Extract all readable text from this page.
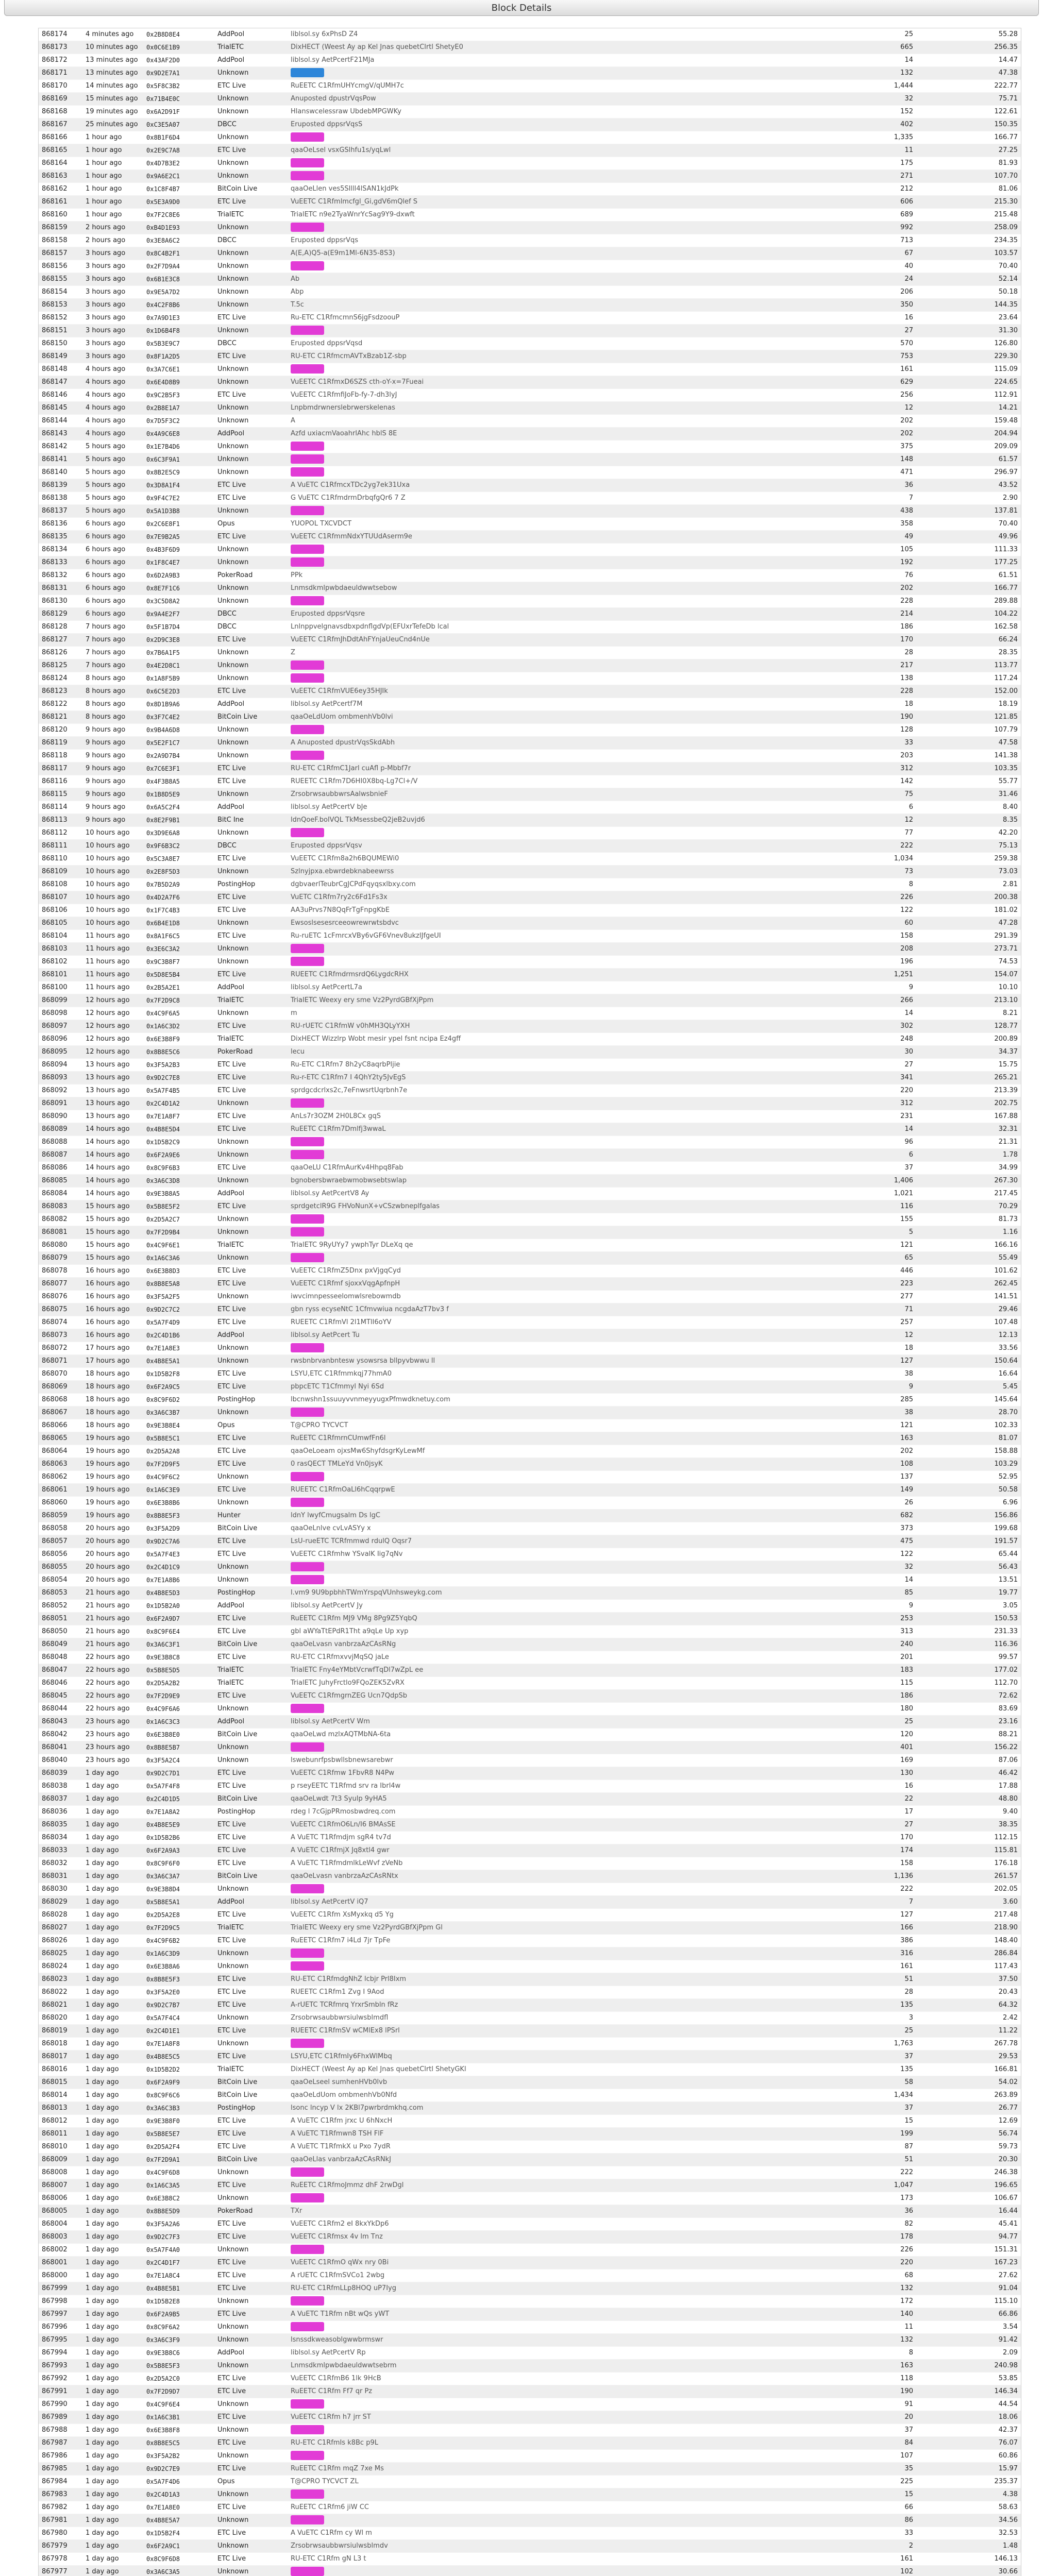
Block Details
868174	4 minutes ago	0x2B8D8E4	AddPool	liblsol.sy 6xPhsD Z4	25	55.28
868173	10 minutes ago	0x0C6E1B9	TrialETC	DixHECT (Weest Ay ap Kel Jnas quebetClrtl ShetyE0	665	256.35
868172	13 minutes ago	0x43AF2D0	AddPool	liblsol.sy AetPcertF21MJa	14	14.47
868171	13 minutes ago	0x9D2E7A1	Unknown		132	47.38
868170	14 minutes ago	0x5F8C3B2	ETC Live	RuEETC C1RfmUHYcmgV/qUMH7c	1,444	222.77
868169	15 minutes ago	0x71B4E0C	Unknown	Anuposted dpustrVqsPow	32	75.71
868168	19 minutes ago	0x6A2D91F	Unknown	Hlanswcelessraw UbdebMPGWKy	152	122.61
868167	25 minutes ago	0xC3E5A07	DBCC	Eruposted dppsrVqsS	402	150.35
868166	1 hour ago	0x8B1F6D4	Unknown		1,335	166.77
868165	1 hour ago	0x2E9C7A8	ETC Live	qaaOeLsel vsxGSlhfu1s/yqLwl	11	27.25
868164	1 hour ago	0x4D7B3E2	Unknown		175	81.93
868163	1 hour ago	0x9A6E2C1	Unknown		271	107.70
868162	1 hour ago	0x1C8F4B7	BitCoin Live	qaaOeLlen ves5SIlll4lSAN1kJdPk	212	81.06
868161	1 hour ago	0x5E3A9D0	ETC Live	VuEETC C1Rfmlmcfgl_Gi,gdV6mQlef S	606	215.30
868160	1 hour ago	0x7F2C8E6	TrialETC	TrialETC n9e2TyaWnrYcSag9Y9-dxwft	689	215.48
868159	2 hours ago	0xB4D1E93	Unknown		992	258.09
868158	2 hours ago	0x3E8A6C2	DBCC	Eruposted dppsrVqs	713	234.35
868157	3 hours ago	0x8C4B2F1	Unknown	A(E,A)Q5-a(E9m1Ml-6N35-8S3)	67	103.57
868156	3 hours ago	0x2F7D9A4	Unknown		40	70.40
868155	3 hours ago	0x6B1E3C8	Unknown	Ab	24	52.14
868154	3 hours ago	0x9E5A7D2	Unknown	Abp	206	50.18
868153	3 hours ago	0x4C2F8B6	Unknown	T.5c	350	144.35
868152	3 hours ago	0x7A9D1E3	ETC Live	Ru-ETC C1RfmcmnS6jgFsdzoouP	16	23.64
868151	3 hours ago	0x1D6B4F8	Unknown		27	31.30
868150	3 hours ago	0x5B3E9C7	DBCC	Eruposted dppsrVqsd	570	126.80
868149	3 hours ago	0x8F1A2D5	ETC Live	RU-ETC C1RfmcmAVTxBzab1Z-sbp	753	229.30
868148	4 hours ago	0x3A7C6E1	Unknown		161	115.09
868147	4 hours ago	0x6E4D8B9	Unknown	VuEETC C1RfmxD6SZS cth-oY-x=7Fueai	629	224.65
868146	4 hours ago	0x9C2B5F3	ETC Live	VuEETC C1RfmfiJoFb-fy-7-dh3lyJ	256	112.91
868145	4 hours ago	0x2B8E1A7	Unknown	Lnpbmdrwnerslebrwerskelenas	12	14.21
868144	4 hours ago	0x7D5F3C2	Unknown	A	202	159.48
868143	4 hours ago	0x4A9C6E8	AddPool	Azfd uxiacmVaoahrlAhc hblS 8E	202	204.94
868142	5 hours ago	0x1E7B4D6	Unknown		375	209.09
868141	5 hours ago	0x6C3F9A1	Unknown		148	61.57
868140	5 hours ago	0x8B2E5C9	Unknown		471	296.97
868139	5 hours ago	0x3D8A1F4	ETC Live	A VuETC C1RfmcxTDc2yg7ek31Uxa	36	43.52
868138	5 hours ago	0x9F4C7E2	ETC Live	G VuETC C1RfmdrmDrbqfgQr6 7 Z	7	2.90
868137	5 hours ago	0x5A1D3B8	Unknown		438	137.81
868136	6 hours ago	0x2C6E8F1	Opus	YUOPOL TXCVDCT	358	70.40
868135	6 hours ago	0x7E9B2A5	ETC Live	VuEETC C1RfmmNdxYTUUdAserm9e	49	49.96
868134	6 hours ago	0x4B3F6D9	Unknown		105	111.33
868133	6 hours ago	0x1F8C4E7	Unknown		192	177.25
868132	6 hours ago	0x6D2A9B3	PokerRoad	PPk	76	61.51
868131	6 hours ago	0x8E7F1C6	Unknown	Lnmsdkmlpwbdaeuldwwtsebow	202	166.77
868130	6 hours ago	0x3C5D8A2	Unknown		228	289.88
868129	6 hours ago	0x9A4E2F7	DBCC	Eruposted dppsrVqsre	214	104.22
868128	7 hours ago	0x5F1B7D4	DBCC	LnlnppvelgnavsdbxpdnflgdVp(EFUxrTefeDb lcal	186	162.58
868127	7 hours ago	0x2D9C3E8	ETC Live	VuEETC C1RfmJhDdtAhFYnjaUeuCnd4nUe	170	66.24
868126	7 hours ago	0x7B6A1F5	Unknown	Z	28	28.35
868125	7 hours ago	0x4E2D8C1	Unknown		217	113.77
868124	8 hours ago	0x1A8F5B9	Unknown		138	117.24
868123	8 hours ago	0x6C5E2D3	ETC Live	VuEETC C1RfmVUE6ey35HJIk	228	152.00
868122	8 hours ago	0x8D1B9A6	AddPool	liblsol.sy AetPcertf7M	18	18.19
868121	8 hours ago	0x3F7C4E2	BitCoin Live	qaaOeLdUom ombmenhVb0lvi	190	121.85
868120	9 hours ago	0x9B4A6D8	Unknown		128	107.79
868119	9 hours ago	0x5E2F1C7	Unknown	A Anuposted dpustrVqsSkdAbh	33	47.58
868118	9 hours ago	0x2A9D7B4	Unknown		203	141.38
868117	9 hours ago	0x7C6E3F1	ETC Live	RU-ETC C1RfmC1Jarl cuAfl p-Mbbf7r	312	103.35
868116	9 hours ago	0x4F3B8A5	ETC Live	RUEETC C1Rfm7D6HI0X8bq-Lg7Cl+/V	142	55.77
868115	9 hours ago	0x1B8D5E9	Unknown	ZrsobrwsaubbwrsAalwsbnieF	75	31.46
868114	9 hours ago	0x6A5C2F4	AddPool	liblsol.sy AetPcertV bJe	6	8.40
868113	9 hours ago	0x8E2F9B1	BitC Ine	ldnQoeF.bolVQL TkMsessbeQ2jeB2uvjd6	12	8.35
868112	10 hours ago	0x3D9E6A8	Unknown		77	42.20
868111	10 hours ago	0x9F6B3C2	DBCC	Eruposted dppsrVqsv	222	75.13
868110	10 hours ago	0x5C3A8E7	ETC Live	VuEETC C1Rfm8a2h6BQUMEWi0	1,034	259.38
868109	10 hours ago	0x2E8F5D3	Unknown	Szlnyjpxa.ebwrdebknabeewrss	73	73.03
868108	10 hours ago	0x7B5D2A9	PostingHop	dgbvaerlTeubrCgJCPdFqyqsxlbxy.com	8	2.81
868107	10 hours ago	0x4D2A7F6	ETC Live	VuETC C1Rfm7ry2c6Fd1Fs3x	226	200.38
868106	10 hours ago	0x1F7C4B3	ETC Live	AA3uPrvs7N8QqFrTgFnpgKbE	122	181.02
868105	10 hours ago	0x6B4E1D8	Unknown	Ewsoslsesesrceeowrewrwtsbdvc	60	47.28
868104	11 hours ago	0x8A1F6C5	ETC Live	Ru-ruETC 1cFmrcxVBy6vGF6Vnev8ukzlJfgeUI	158	291.39
868103	11 hours ago	0x3E6C3A2	Unknown		208	273.71
868102	11 hours ago	0x9C3B8F7	Unknown		196	74.53
868101	11 hours ago	0x5D8E5B4	ETC Live	RUEETC C1RfmdrmsrdQ6LygdcRHX	1,251	154.07
868100	11 hours ago	0x2B5A2E1	AddPool	liblsol.sy AetPcertL7a	9	10.10
868099	12 hours ago	0x7F2D9C8	TrialETC	TriaIETC Weexy ery sme Vz2PyrdGBfXjPpm	266	213.10
868098	12 hours ago	0x4C9F6A5	Unknown	m	14	8.21
868097	12 hours ago	0x1A6C3D2	ETC Live	RU-rUETC C1RfmW v0hMH3QLyYXH	302	128.77
868096	12 hours ago	0x6E3B8F9	TrialETC	DixHECT Wizzlrp Wobt mesir ypel fsnt ncipa Ez4gff	248	200.89
868095	12 hours ago	0x8B8E5C6	PokerRoad	lecu	30	34.37
868094	13 hours ago	0x3F5A2B3	ETC Live	Ru-ETC C1Rfm7 8h2yC8aqrbPljie	27	15.75
868093	13 hours ago	0x9D2C7E8	ETC Live	Ru-r-ETC C1Rfm7 I 4QhY2ty5JvEgS	341	265.21
868092	13 hours ago	0x5A7F4B5	ETC Live	sprdgcdcrlxs2c,7eFnwsrtUqrbnh7e	220	213.39
868091	13 hours ago	0x2C4D1A2	Unknown		312	202.75
868090	13 hours ago	0x7E1A8F7	ETC Live	AnLs7r3OZM 2H0L8Cx gqS	231	167.88
868089	14 hours ago	0x4B8E5D4	ETC Live	RuEETC C1Rfm7Dmlfj3wwaL	14	32.31
868088	14 hours ago	0x1D5B2C9	Unknown		96	21.31
868087	14 hours ago	0x6F2A9E6	Unknown		6	1.78
868086	14 hours ago	0x8C9F6B3	ETC Live	qaaOeLU C1RfmAurKv4Hhpq8Fab	37	34.99
868085	14 hours ago	0x3A6C3D8	Unknown	bgnobersbwraebwmobwsebtswlap	1,406	267.30
868084	14 hours ago	0x9E3B8A5	AddPool	liblsol.sy AetPcertV8 Ay	1,021	217.45
868083	15 hours ago	0x5B8E5F2	ETC Live	sprdgetclR9G FHVoNunX+vCSzwbneplfgalas	116	70.29
868082	15 hours ago	0x2D5A2C7	Unknown		155	81.73
868081	15 hours ago	0x7F2D9B4	Unknown		5	1.16
868080	15 hours ago	0x4C9F6E1	TrialETC	TrialETC 9RyUYy7 ywphTyr DLeXq qe	121	166.16
868079	15 hours ago	0x1A6C3A6	Unknown		65	55.49
868078	16 hours ago	0x6E3B8D3	ETC Live	VuEETC C1RfmZ5Dnx pxVjgqCyd	446	101.62
868077	16 hours ago	0x8B8E5A8	ETC Live	VuEETC C1Rfmf sjoxxVqgApfnpH	223	262.45
868076	16 hours ago	0x3F5A2F5	Unknown	iwvcimnpesseelomwlsrebowmdb	277	141.51
868075	16 hours ago	0x9D2C7C2	ETC Live	gbn ryss ecyseNtC 1Cfmvwiua ncgdaAzT7bv3 f	71	29.46
868074	16 hours ago	0x5A7F4D9	ETC Live	RUEETC C1RfmVl 2l1MTlI6oYV	257	107.48
868073	16 hours ago	0x2C4D1B6	AddPool	liblsol.sy AetPcert Tu	12	12.13
868072	17 hours ago	0x7E1A8E3	Unknown		18	33.56
868071	17 hours ago	0x4B8E5A1	Unknown	rwsbnbrvanbntesw ysowsrsa bllpyvbwwu ll	127	150.64
868070	18 hours ago	0x1D5B2F8	ETC Live	LSYU,ETC C1Rfmmkqj77hmA0	38	16.64
868069	18 hours ago	0x6F2A9C5	ETC Live	pbpcETC T1Cfmmyl Nyi 6Sd	9	5.45
868068	18 hours ago	0x8C9F6D2	PostingHop	lbcnwshn1ssuuyvvnmeyyugxPfmwdknetuy.com	285	145.64
868067	18 hours ago	0x3A6C3B7	Unknown		38	28.70
868066	18 hours ago	0x9E3B8E4	Opus	T@CPRO TYCVCT	121	102.33
868065	19 hours ago	0x5B8E5C1	ETC Live	RuEETC C1RfmrnCUmwfFn6l	163	81.07
868064	19 hours ago	0x2D5A2A8	ETC Live	qaaOeLoeam ojxsMw6ShyfdsgrKyLewMf	202	158.88
868063	19 hours ago	0x7F2D9F5	ETC Live	0 rasQECT TMLeYd Vn0jsyK	108	103.29
868062	19 hours ago	0x4C9F6C2	Unknown		137	52.95
868061	19 hours ago	0x1A6C3E9	ETC Live	RUEETC C1RfmOaLl6hCqqrpwE	149	50.58
868060	19 hours ago	0x6E3B8B6	Unknown		26	6.96
868059	19 hours ago	0x8B8E5F3	Hunter	ldnY lwyfCmugsalm Ds lgC	682	156.86
868058	20 hours ago	0x3F5A2D9	BitCoin Live	qaaOeLnlve cvLvASYy x	373	199.68
868057	20 hours ago	0x9D2C7A6	ETC Live	LsU-rueETC TCRfmmwd rdulQ Oqsr7	475	191.57
868056	20 hours ago	0x5A7F4E3	ETC Live	VuEETC C1Rfmhw YSvalK Iig7qNv	122	65.44
868055	20 hours ago	0x2C4D1C9	Unknown		32	56.43
868054	20 hours ago	0x7E1A8B6	Unknown		14	13.51
868053	21 hours ago	0x4B8E5D3	PostingHop	l.vm9 9U9bpbhhTWmYrspqVUnhsweykg.com	85	19.77
868052	21 hours ago	0x1D5B2A0	AddPool	liblsol.sy AetPcertV Jy	9	3.05
868051	21 hours ago	0x6F2A9D7	ETC Live	RuEETC C1Rfm MJ9 VMg 8Pg9Z5YqbQ	253	150.53
868050	21 hours ago	0x8C9F6E4	ETC Live	gbl aWYaTtEPdR1Tht a9qLe Up xyp	313	231.33
868049	21 hours ago	0x3A6C3F1	BitCoin Live	qaaOeLvasn vanbrzaAzCAsRNg	240	116.36
868048	22 hours ago	0x9E3B8C8	ETC Live	RU-ETC C1RfmxvvjMqSQ jaLe	201	99.57
868047	22 hours ago	0x5B8E5D5	TrialETC	TrialETC Fny4eYMbtVcrwfTqDl7wZpL ee	183	177.02
868046	22 hours ago	0x2D5A2B2	TrialETC	TrialETC JuhyFrctlo9FQoZEK5ZvRX	115	112.70
868045	22 hours ago	0x7F2D9E9	ETC Live	VuEETC C1RfmgrnZEG Ucn7QdpSb	186	72.62
868044	22 hours ago	0x4C9F6A6	Unknown		180	83.69
868043	23 hours ago	0x1A6C3C3	AddPool	liblsol.sy AetPcertV Wm	25	23.16
868042	23 hours ago	0x6E3B8E0	BitCoin Live	qaaOeLwd mzlxAQTMbNA-6ta	120	88.21
868041	23 hours ago	0x8B8E5B7	Unknown		401	156.22
868040	23 hours ago	0x3F5A2C4	Unknown	lswebunrfpsbwllsbnewsarebwr	169	87.06
868039	1 day ago	0x9D2C7D1	ETC Live	VuEETC C1Rfmw 1FbvR8 N4Pw	130	46.42
868038	1 day ago	0x5A7F4F8	ETC Live	p rseyEETC T1Rfmd srv ra Ibrl4w	16	17.88
868037	1 day ago	0x2C4D1D5	BitCoin Live	qaaOeLwdt 7t3 Syulp 9yHA5	22	48.80
868036	1 day ago	0x7E1A8A2	PostingHop	rdeg l 7cGjpPRmosbwdreq.com	17	9.40
868035	1 day ago	0x4B8E5E9	ETC Live	VuEETC C1RfmO6Ln/I6 BMAsSE	27	38.35
868034	1 day ago	0x1D5B2B6	ETC Live	A VuETC T1Rfmdjm sgR4 tv7d	170	112.15
868033	1 day ago	0x6F2A9A3	ETC Live	A VuETC C1RfmjX Jq8xtl4 gwr	174	115.81
868032	1 day ago	0x8C9F6F0	ETC Live	A VuETC T1RfmdmlkLeWvf zVeNb	158	176.18
868031	1 day ago	0x3A6C3A7	BitCoin Live	qaaOeLvasn vanbrzaAzCAsRNtx	1,136	261.57
868030	1 day ago	0x9E3B8D4	Unknown		222	202.05
868029	1 day ago	0x5B8E5A1	AddPool	liblsol.sy AetPcertV iQ7	7	3.60
868028	1 day ago	0x2D5A2E8	ETC Live	VuEETC C1Rfm XsMyxkq d5 Yg	127	217.48
868027	1 day ago	0x7F2D9C5	TrialETC	TrialETC Weexy ery sme Vz2PyrdGBfXjPpm Gl	166	218.90
868026	1 day ago	0x4C9F6B2	ETC Live	RuEETC C1Rfm7 i4Ld 7jr TpFe	386	148.40
868025	1 day ago	0x1A6C3D9	Unknown		316	286.84
868024	1 day ago	0x6E3B8A6	Unknown		161	117.43
868023	1 day ago	0x8B8E5F3	ETC Live	RU-ETC C1RfmdgNhZ lcbjr Prl8Ixm	51	37.50
868022	1 day ago	0x3F5A2E0	ETC Live	RUEETC C1Rfm1 Zvg I 9Aod	28	20.43
868021	1 day ago	0x9D2C7B7	ETC Live	A-rUETC TCRfmrq YrxrSmbln fRz	135	64.32
868020	1 day ago	0x5A7F4C4	Unknown	Zrsobrwsaubbwrsiulwsblmdfl	3	2.42
868019	1 day ago	0x2C4D1E1	ETC Live	RUEETC C1RfmSV wCMlEx8 lPSrl	25	11.22
868018	1 day ago	0x7E1A8F8	Unknown		1,763	267.78
868017	1 day ago	0x4B8E5C5	ETC Live	LSYU,ETC C1RfmIy6FhxWlMbq	37	29.53
868016	1 day ago	0x1D5B2D2	TrialETC	DixHECT (Weest Ay ap Kel Jnas quebetClrtl ShetyGKl	135	166.81
868015	1 day ago	0x6F2A9F9	BitCoin Live	qaaOeLseel sumhenHVb0lvb	58	54.02
868014	1 day ago	0x8C9F6C6	BitCoin Live	qaaOeLdUom ombmenhVb0Nfd	1,434	263.89
868013	1 day ago	0x3A6C3B3	PostingHop	lsonc lncyp V lx 2KBl7pwrbrdmkhq.com	37	26.77
868012	1 day ago	0x9E3B8F0	ETC Live	A VuETC C1Rfm jrxc U 6hNxcH	15	12.69
868011	1 day ago	0x5B8E5E7	ETC Live	A VuETC T1Rfmwn8 TSH FlF	199	56.74
868010	1 day ago	0x2D5A2F4	ETC Live	A VuETC T1RfmkX u Pxo 7ydR	87	59.73
868009	1 day ago	0x7F2D9A1	BitCoin Live	qaaOeLlas vanbrzaAzCAsRNkJ	51	20.30
868008	1 day ago	0x4C9F6D8	Unknown		222	246.38
868007	1 day ago	0x1A6C3A5	ETC Live	RuEETC C1RfmoJmmz dhF 2rwDgl	1,047	196.65
868006	1 day ago	0x6E3B8C2	Unknown		173	106.67
868005	1 day ago	0x8B8E5D9	PokerRoad	TXr	36	16.44
868004	1 day ago	0x3F5A2A6	ETC Live	VuEETC C1Rfm2 eI 8kxYkDp6	82	45.41
868003	1 day ago	0x9D2C7F3	ETC Live	VuEETC C1Rfmsx 4v lm Tnz	178	94.77
868002	1 day ago	0x5A7F4A0	Unknown		226	151.31
868001	1 day ago	0x2C4D1F7	ETC Live	VuEETC C1RfmO qWx nry 0Bi	220	167.23
868000	1 day ago	0x7E1A8C4	ETC Live	A rUETC C1RfmSVCo1 2wbg	68	27.62
867999	1 day ago	0x4B8E5B1	ETC Live	RU-ETC C1RfmLLp8HOQ uP7Iyg	132	91.04
867998	1 day ago	0x1D5B2E8	Unknown		172	115.10
867997	1 day ago	0x6F2A9B5	ETC Live	A VuETC T1Rfm nBt wQs yWT	140	66.86
867996	1 day ago	0x8C9F6A2	Unknown		11	3.54
867995	1 day ago	0x3A6C3F9	Unknown	lsnssdkweasoblgwwbrmswr	132	91.42
867994	1 day ago	0x9E3B8C6	AddPool	liblsol.sy AetPcertV Rp	8	2.09
867993	1 day ago	0x5B8E5F3	Unknown	Lnmsdkmlpwbdaeuldwwtsebrm	163	240.98
867992	1 day ago	0x2D5A2C0	ETC Live	VuEETC C1RfmB6 1lk 9HcB	118	53.85
867991	1 day ago	0x7F2D9D7	ETC Live	RuEETC C1Rfm Ff7 qr Pz	190	146.34
867990	1 day ago	0x4C9F6E4	Unknown		91	44.54
867989	1 day ago	0x1A6C3B1	ETC Live	VuEETC C1Rfm h7 jrr ST	20	18.06
867988	1 day ago	0x6E3B8F8	Unknown		37	42.37
867987	1 day ago	0x8B8E5C5	ETC Live	RU-ETC C1RfmIs k8Bc p9L	84	76.07
867986	1 day ago	0x3F5A2B2	Unknown		107	60.86
867985	1 day ago	0x9D2C7E9	ETC Live	RuEETC C1Rfm mqZ 7xe Ms	35	15.97
867984	1 day ago	0x5A7F4D6	Opus	T@CPRO TYCVCT ZL	225	235.37
867983	1 day ago	0x2C4D1A3	Unknown		15	4.38
867982	1 day ago	0x7E1A8E0	ETC Live	RuEETC C1Rfm6 jiW CC	66	58.63
867981	1 day ago	0x4B8E5A7	Unknown		86	34.56
867980	1 day ago	0x1D5B2F4	ETC Live	A VuETC C1Rfm cy Wl m	33	32.53
867979	1 day ago	0x6F2A9C1	Unknown	Zrsobrwsaubbwrsiulwsblmdv	2	1.48
867978	1 day ago	0x8C9F6D8	ETC Live	RU-ETC C1Rfm gN L3 t	161	146.13
867977	1 day ago	0x3A6C3A5	Unknown		102	30.66
